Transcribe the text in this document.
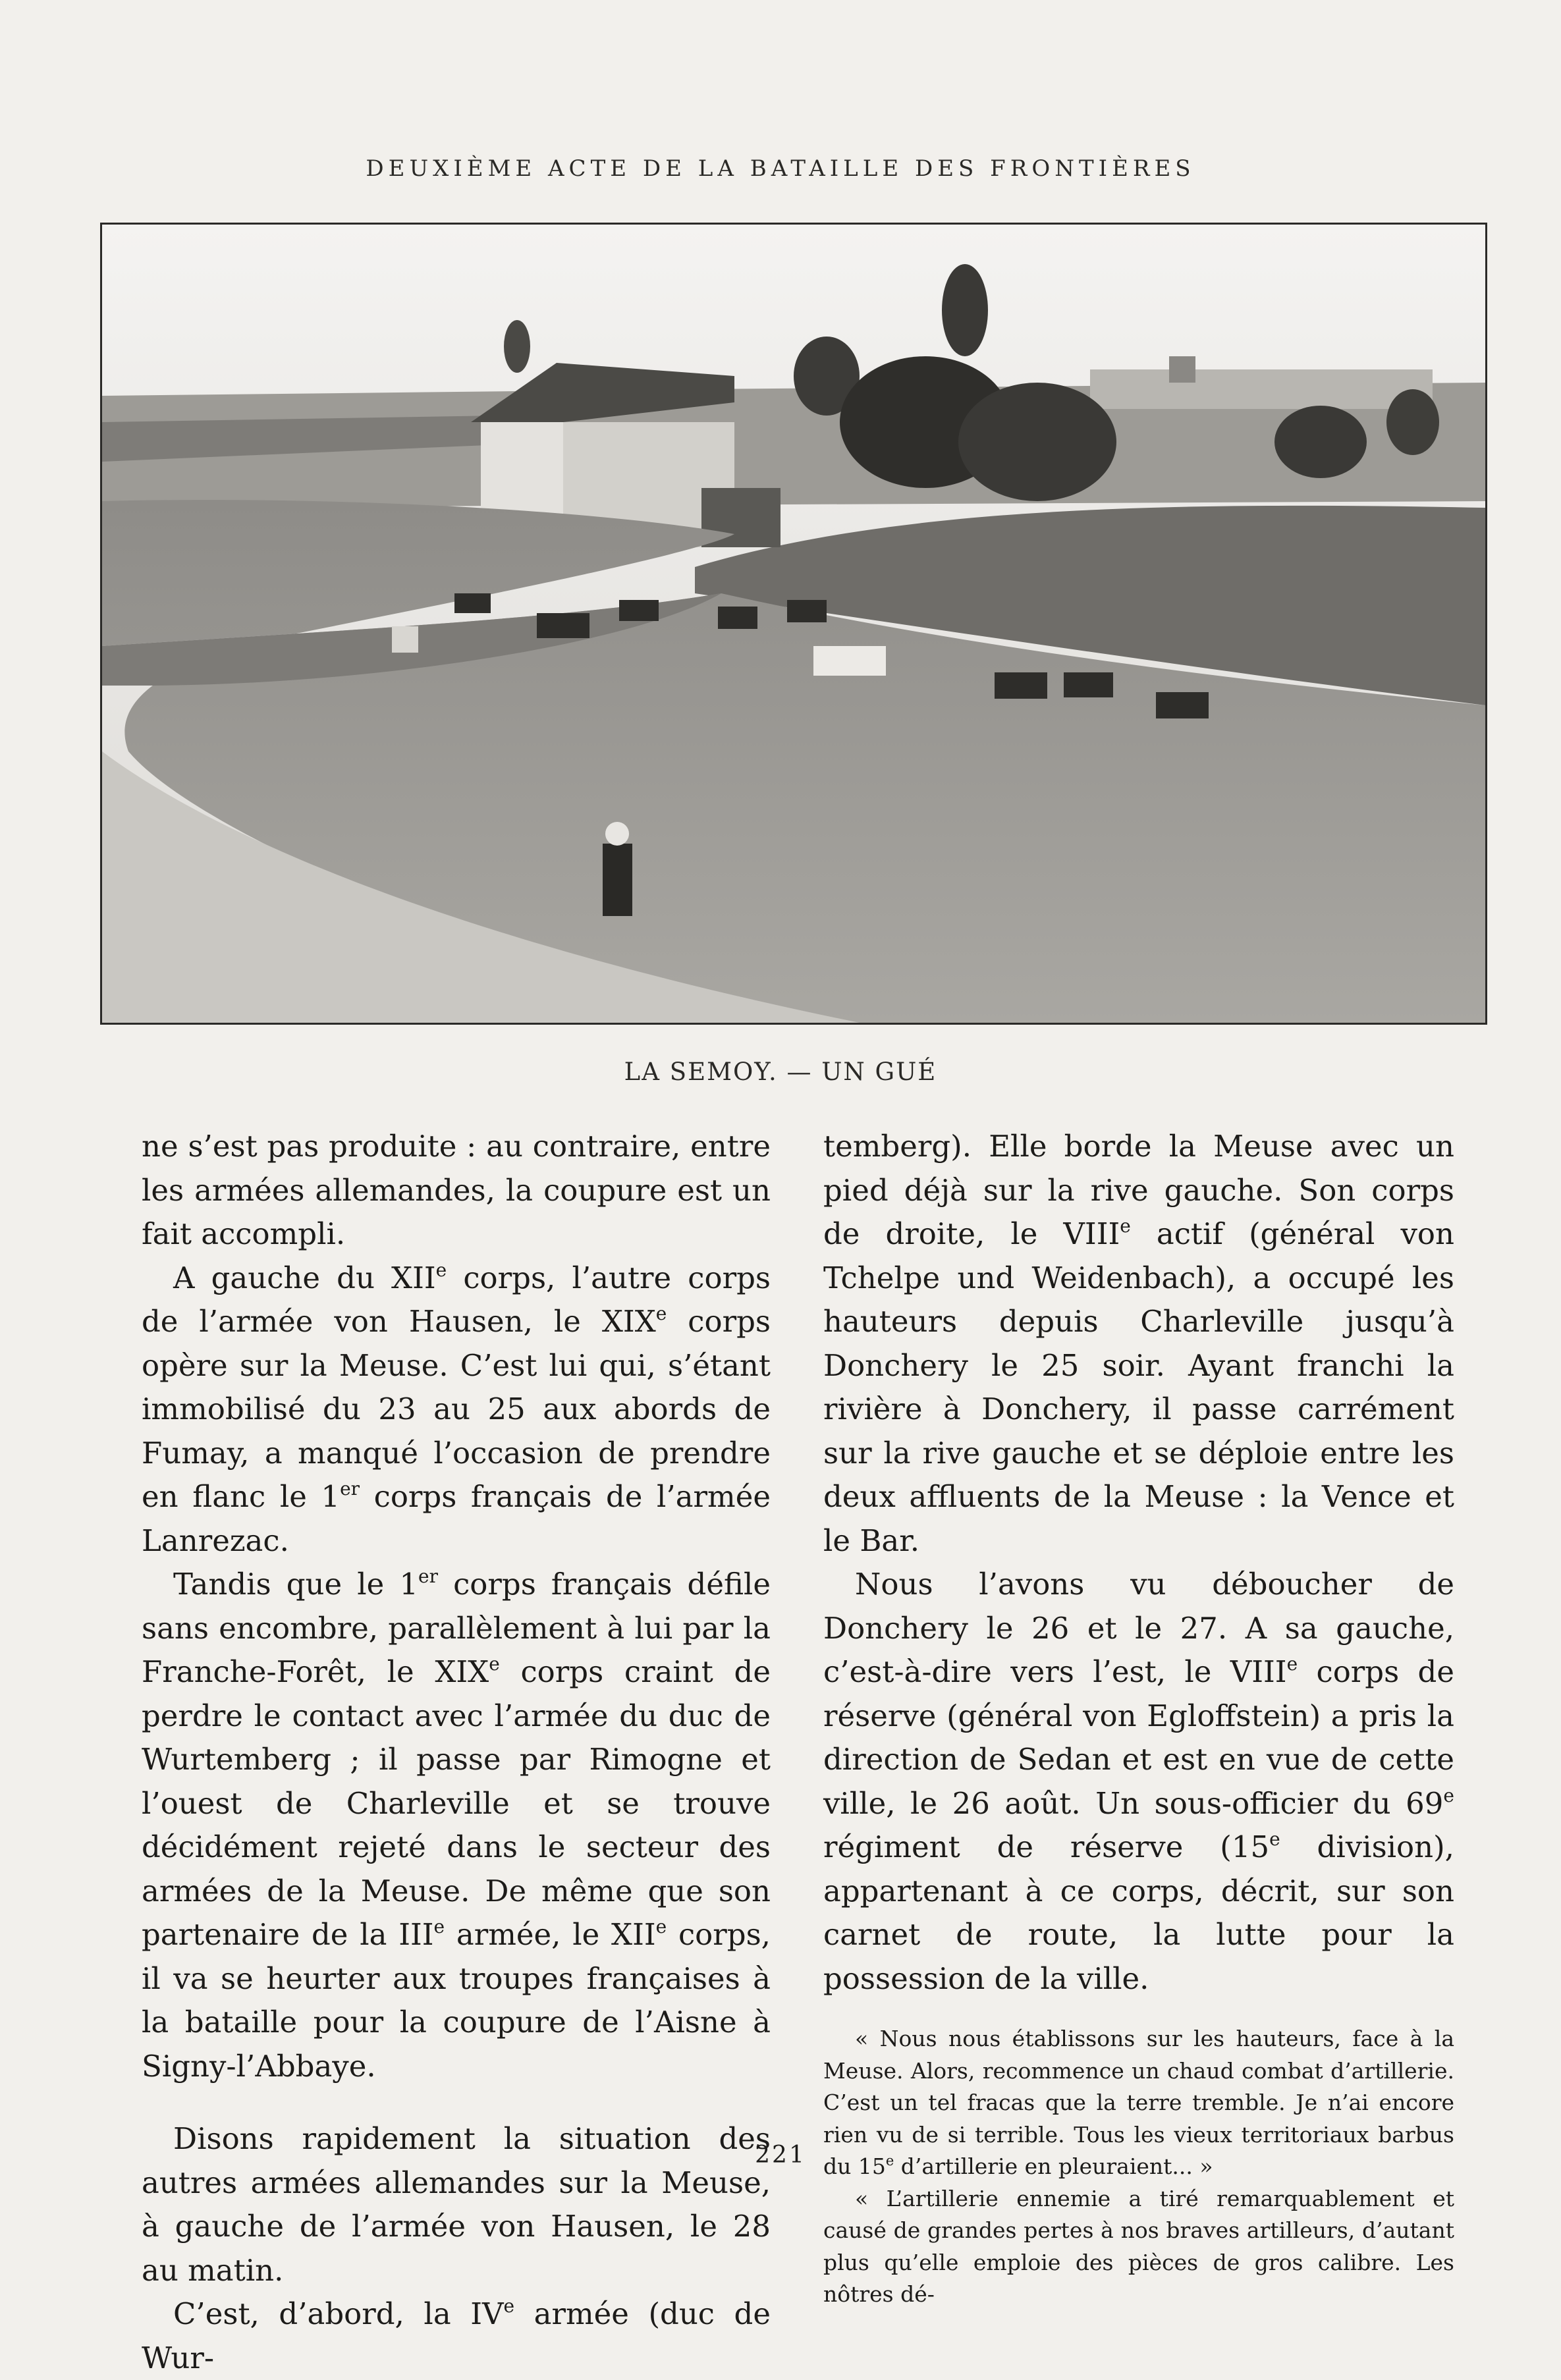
DEUXIÈME ACTE DE LA BATAILLE DES FRONTIÈRES
LA SEMOY. — UN GUÉ

ne s’est pas produite : au contraire, entre les armées allemandes, la coupure est un fait accompli.

A gauche du XIIe corps, l’autre corps de l’armée von Hausen, le XIXe corps opère sur la Meuse. C’est lui qui, s’étant immobilisé du 23 au 25 aux abords de Fumay, a manqué l’occasion de prendre en flanc le 1er corps français de l’armée Lanrezac.

Tandis que le 1er corps français défile sans encombre, parallèlement à lui par la Franche-Forêt, le XIXe corps craint de perdre le contact avec l’armée du duc de Wurtemberg ; il passe par Rimogne et l’ouest de Charleville et se trouve décidément rejeté dans le secteur des armées de la Meuse. De même que son partenaire de la IIIe armée, le XIIe corps, il va se heurter aux troupes françaises à la bataille pour la coupure de l’Aisne à Signy-l’Abbaye.

Disons rapidement la situation des autres armées allemandes sur la Meuse, à gauche de l’armée von Hausen, le 28 au matin.

C’est, d’abord, la IVe armée (duc de Wur-

temberg). Elle borde la Meuse avec un pied déjà sur la rive gauche. Son corps de droite, le VIIIe actif (général von Tchelpe und Weidenbach), a occupé les hauteurs depuis Charleville jusqu’à Donchery le 25 soir. Ayant franchi la rivière à Donchery, il passe carrément sur la rive gauche et se déploie entre les deux affluents de la Meuse : la Vence et le Bar.

Nous l’avons vu déboucher de Donchery le 26 et le 27. A sa gauche, c’est-à-dire vers l’est, le VIIIe corps de réserve (général von Egloffstein) a pris la direction de Sedan et est en vue de cette ville, le 26 août. Un sous-officier du 69e régiment de réserve (15e division), appartenant à ce corps, décrit, sur son carnet de route, la lutte pour la possession de la ville.

« Nous nous établissons sur les hauteurs, face à la Meuse. Alors, recommence un chaud combat d’artillerie. C’est un tel fracas que la terre tremble. Je n’ai encore rien vu de si terrible. Tous les vieux territoriaux barbus du 15e d’artillerie en pleuraient... »

« L’artillerie ennemie a tiré remarquablement et causé de grandes pertes à nos braves artilleurs, d’autant plus qu’elle emploie des pièces de gros calibre. Les nôtres dé-

221
